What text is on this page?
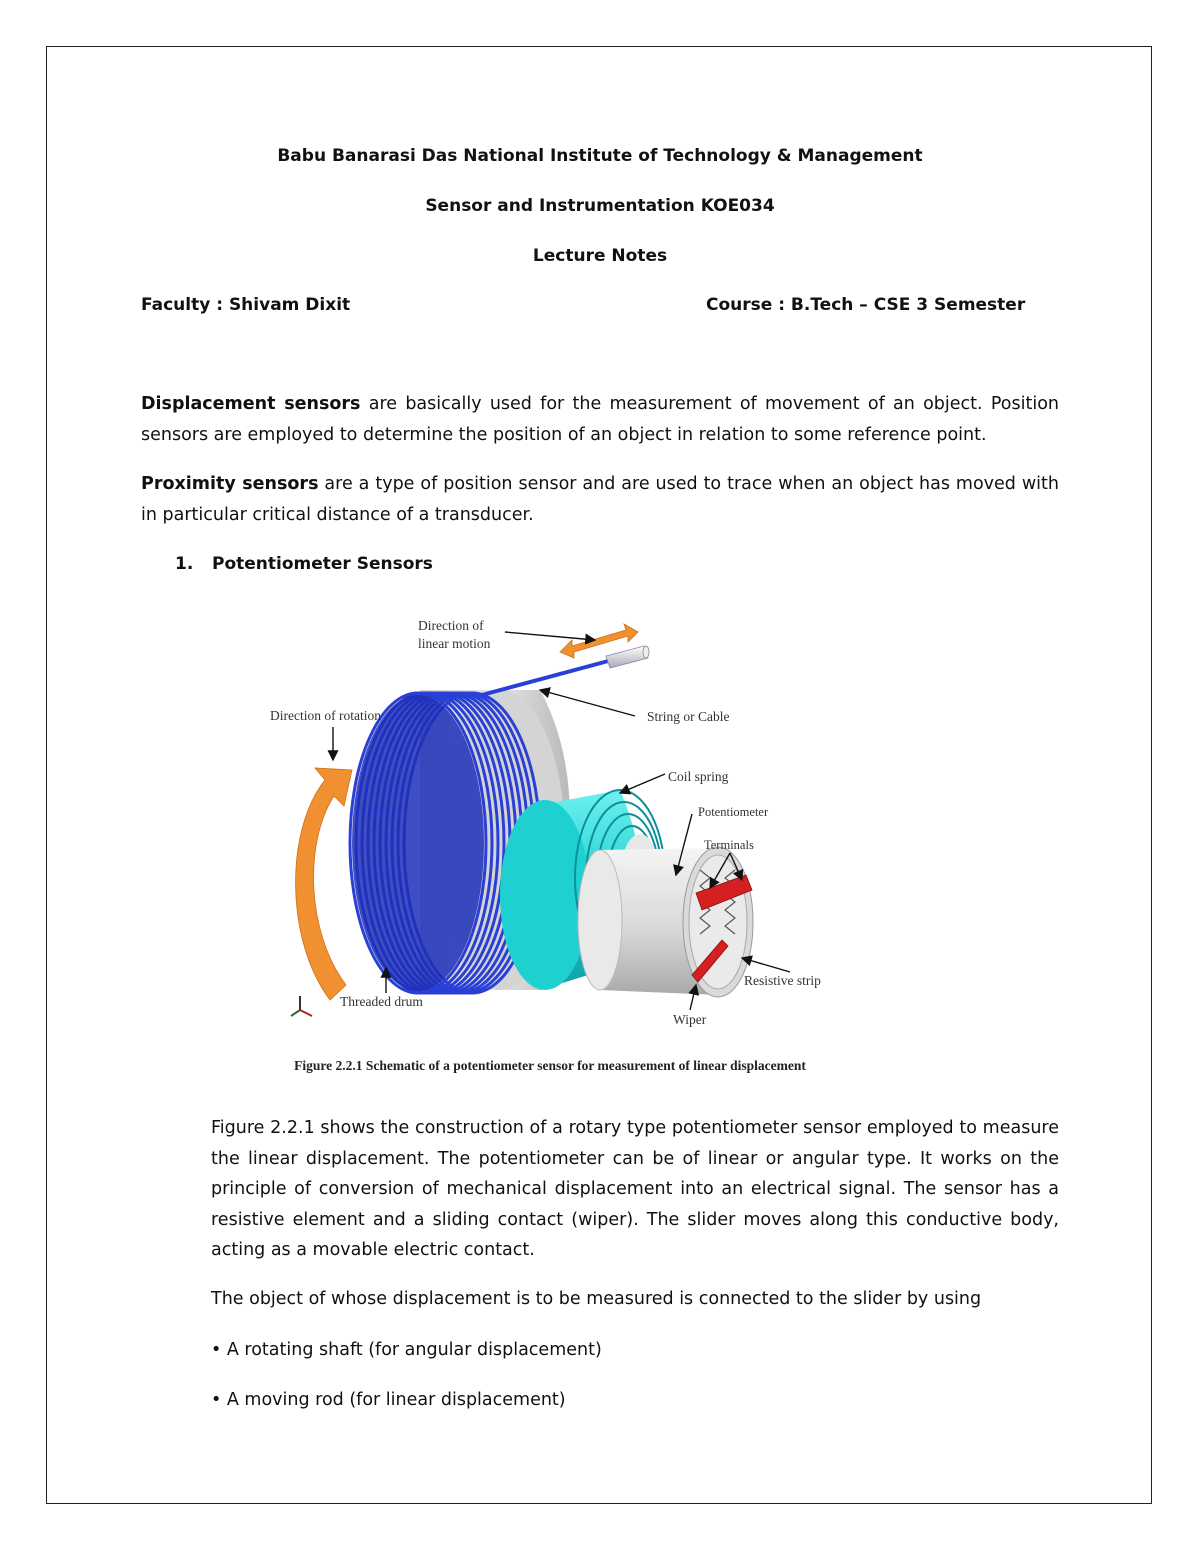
Babu Banarasi Das National Institute of Technology & Management
Sensor and Instrumentation KOE034
Lecture Notes
Faculty : Shivam Dixit	Course : B.Tech – CSE 3 Semester

Displacement sensors are basically used for the measurement of movement of an object. Position sensors are employed to determine the position of an object in relation to some reference point.

Proximity sensors are a type of position sensor and are used to trace when an object has moved with in particular critical distance of a transducer.

1. Potentiometer Sensors
Direction of
linear motion
Direction of rotation	String or Cable
Coil spring
Potentiometer
Terminals
Resistive strip
Threaded drum
Wiper
Figure 2.2.1 Schematic of a potentiometer sensor for measurement of linear displacement

Figure 2.2.1 shows the construction of a rotary type potentiometer sensor employed to measure the linear displacement. The potentiometer can be of linear or angular type. It works on the principle of conversion of mechanical displacement into an electrical signal. The sensor has a resistive element and a sliding contact (wiper). The slider moves along this conductive body, acting as a movable electric contact.

The object of whose displacement is to be measured is connected to the slider by using

• A rotating shaft (for angular displacement)
• A moving rod (for linear displacement)
